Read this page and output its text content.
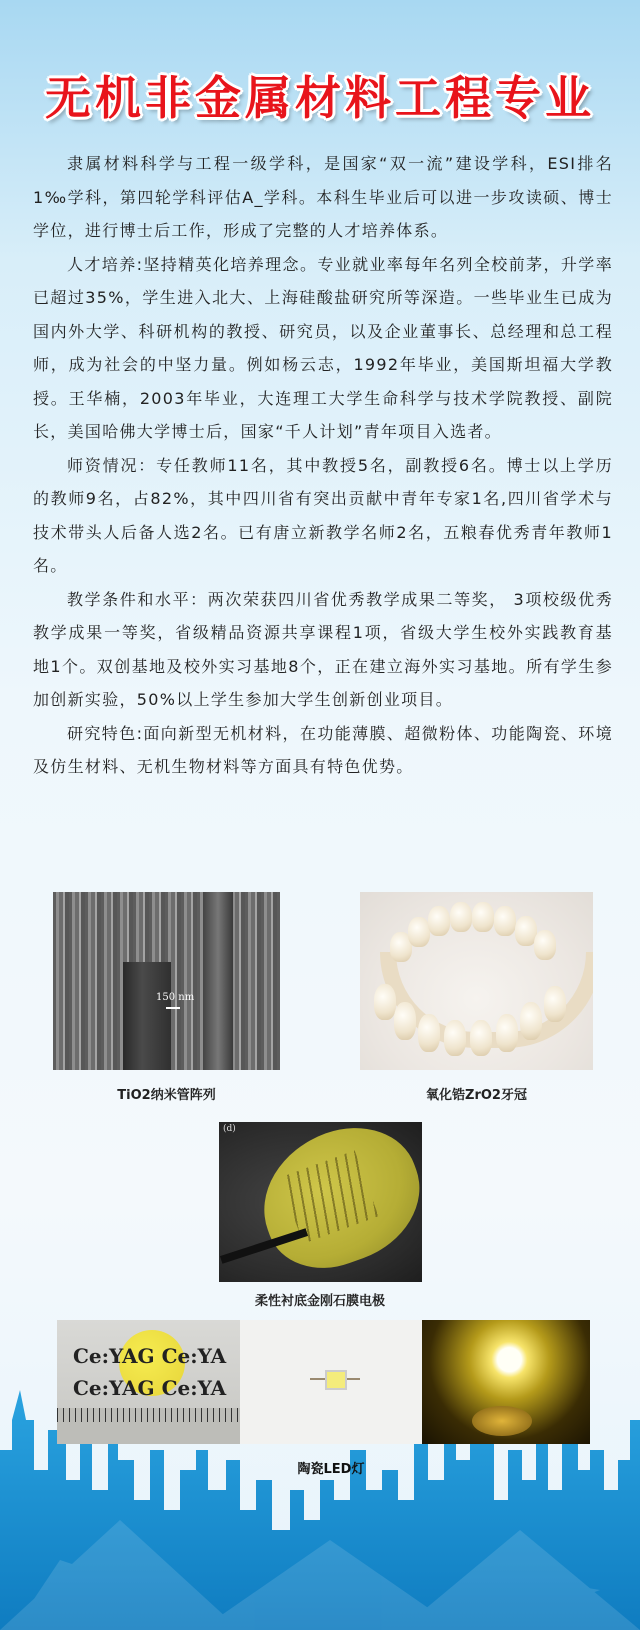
无机非金属材料工程专业

隶属材料科学与工程一级学科，是国家“双一流”建设学科，ESI排名1‰学科，第四轮学科评估A_学科。本科生毕业后可以进一步攻读硕、博士学位，进行博士后工作，形成了完整的人才培养体系。

人才培养:坚持精英化培养理念。专业就业率每年名列全校前茅，升学率已超过35%，学生进入北大、上海硅酸盐研究所等深造。一些毕业生已成为国内外大学、科研机构的教授、研究员，以及企业董事长、总经理和总工程师，成为社会的中坚力量。例如杨云志，1992年毕业，美国斯坦福大学教授。王华楠，2003年毕业，大连理工大学生命科学与技术学院教授、副院长，美国哈佛大学博士后，国家“千人计划”青年项目入选者。

师资情况：专任教师11名，其中教授5名，副教授6名。博士以上学历的教师9名，占82%，其中四川省有突出贡献中青年专家1名,四川省学术与技术带头人后备人选2名。已有唐立新教学名师2名，五粮春优秀青年教师1名。

教学条件和水平：两次荣获四川省优秀教学成果二等奖， 3项校级优秀教学成果一等奖，省级精品资源共享课程1项，省级大学生校外实践教育基地1个。双创基地及校外实习基地8个，正在建立海外实习基地。所有学生参加创新实验，50%以上学生参加大学生创新创业项目。

研究特色:面向新型无机材料，在功能薄膜、超微粉体、功能陶瓷、环境及仿生材料、无机生物材料等方面具有特色优势。

150 nm
TiO2纳米管阵列	氧化锆ZrO2牙冠
(d)
柔性衬底金刚石膜电极
Ce:YAG Ce:YA
Ce:YAG Ce:YA
陶瓷LED灯
